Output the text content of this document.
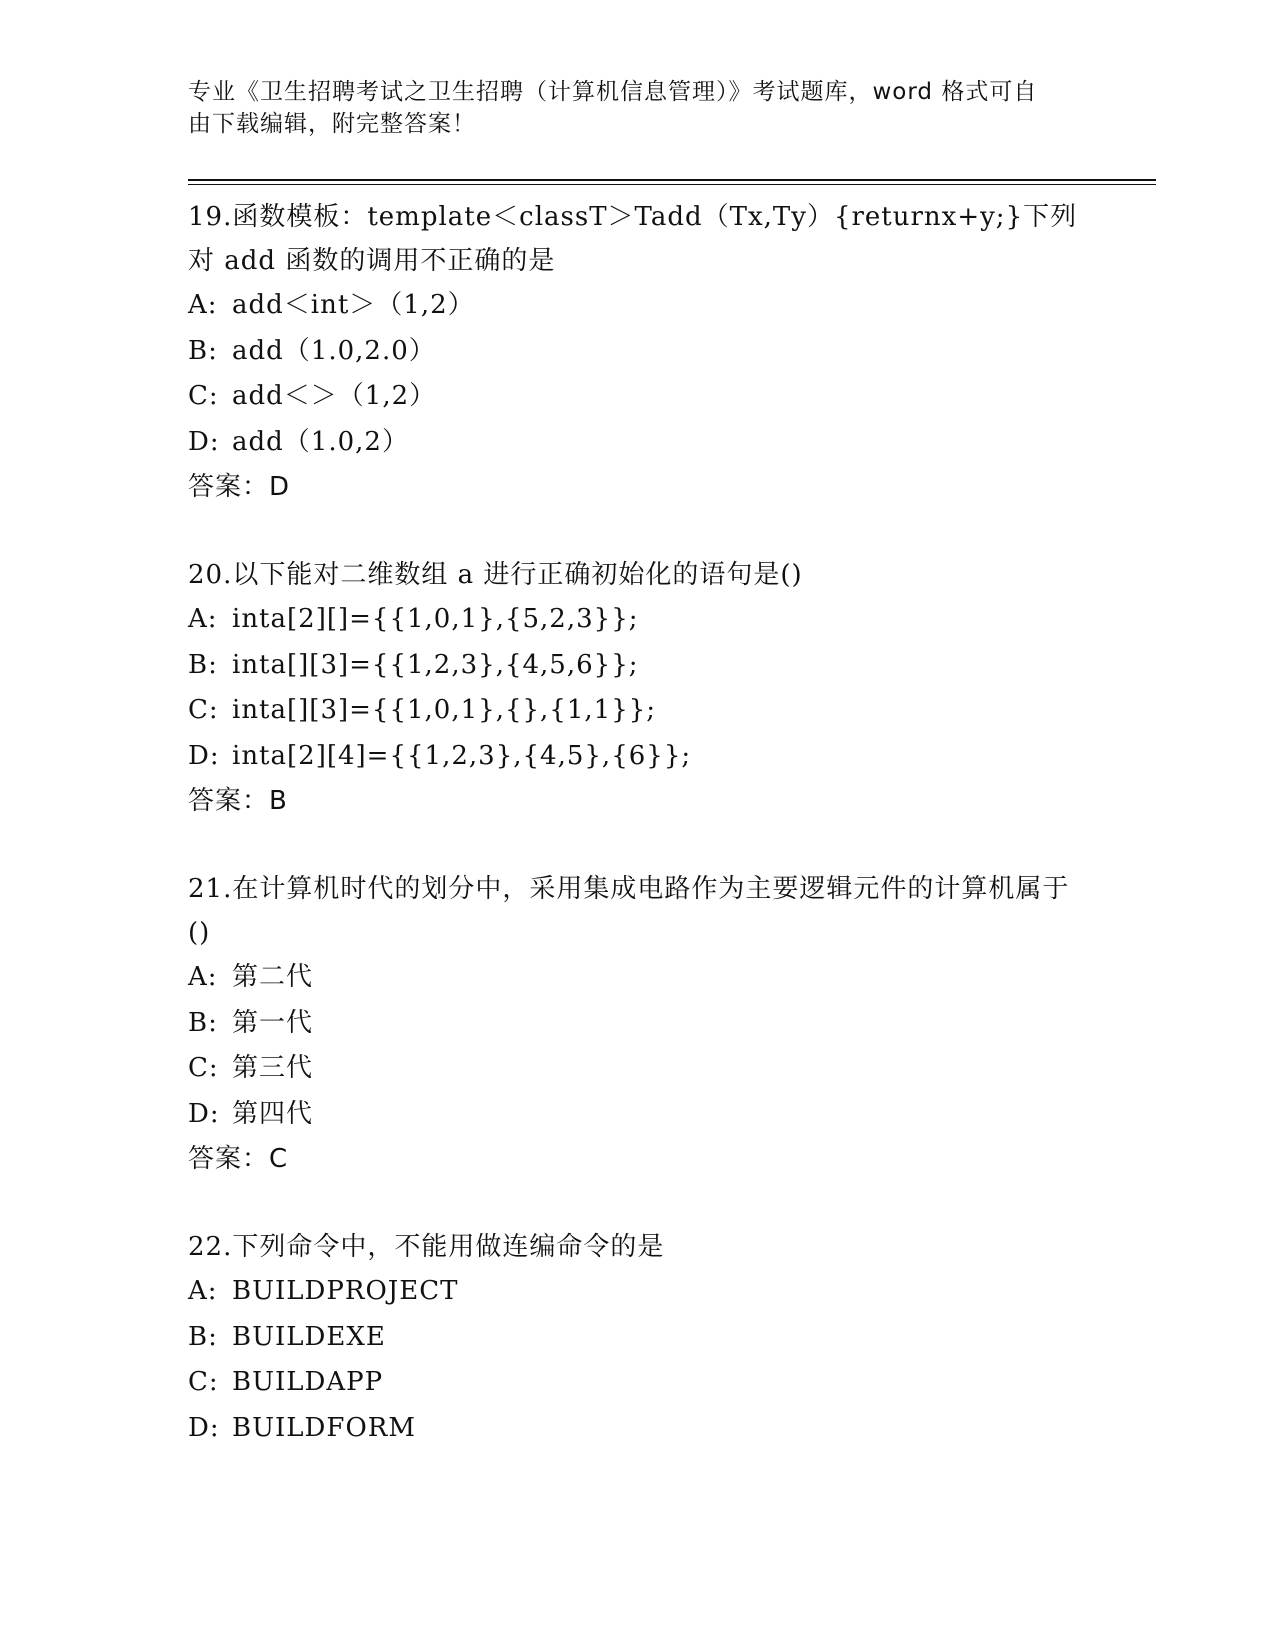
专业《卫生招聘考试之卫生招聘（计算机信息管理）》考试题库，word 格式可自
由下载编辑，附完整答案！
19.函数模板：template＜classT＞Tadd（Tx,Ty）{returnx+y;}下列对 add 函数的调用不正确的是
A: add＜int＞（1,2）
B: add（1.0,2.0）
C: add＜＞（1,2）
D: add（1.0,2）
答案：D
20.以下能对二维数组 a 进行正确初始化的语句是()
A: inta[2][]={{1,0,1},{5,2,3}};
B: inta[][3]={{1,2,3},{4,5,6}};
C: inta[][3]={{1,0,1},{},{1,1}};
D: inta[2][4]={{1,2,3},{4,5},{6}};
答案：B
21.在计算机时代的划分中，采用集成电路作为主要逻辑元件的计算机属于()
A: 第二代
B: 第一代
C: 第三代
D: 第四代
答案：C
22.下列命令中，不能用做连编命令的是
A: BUILDPROJECT
B: BUILDEXE
C: BUILDAPP
D: BUILDFORM
